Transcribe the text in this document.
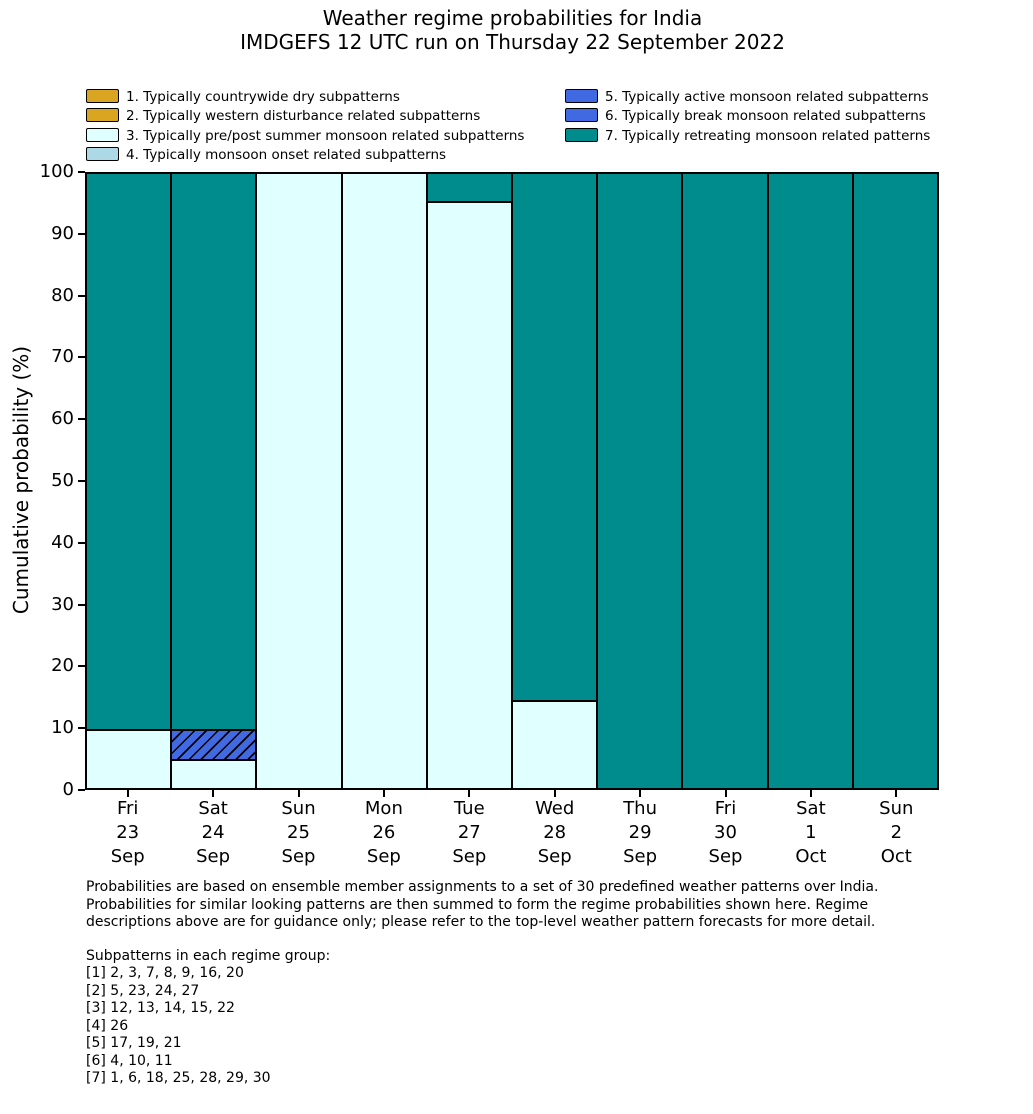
Weather regime probabilities for India
IMDGEFS 12 UTC run on Thursday 22 September 2022
1. Typically countrywide dry subpatterns
2. Typically western disturbance related subpatterns
3. Typically pre/post summer monsoon related subpatterns
4. Typically monsoon onset related subpatterns
5. Typically active monsoon related subpatterns
6. Typically break monsoon related subpatterns
7. Typically retreating monsoon related patterns
Cumulative probability (%)
0
10
20
30
40
50
60
70
80
90
100
Fri
23
Sep
Sat
24
Sep
Sun
25
Sep
Mon
26
Sep
Tue
27
Sep
Wed
28
Sep
Thu
29
Sep
Fri
30
Sep
Sat
1
Oct
Sun
2
Oct
Probabilities are based on ensemble member assignments to a set of 30 predefined weather patterns over India.
Probabilities for similar looking patterns are then summed to form the regime probabilities shown here. Regime
descriptions above are for guidance only; please refer to the top-level weather pattern forecasts for more detail.
Subpatterns in each regime group:
[1] 2, 3, 7, 8, 9, 16, 20
[2] 5, 23, 24, 27
[3] 12, 13, 14, 15, 22
[4] 26
[5] 17, 19, 21
[6] 4, 10, 11
[7] 1, 6, 18, 25, 28, 29, 30
